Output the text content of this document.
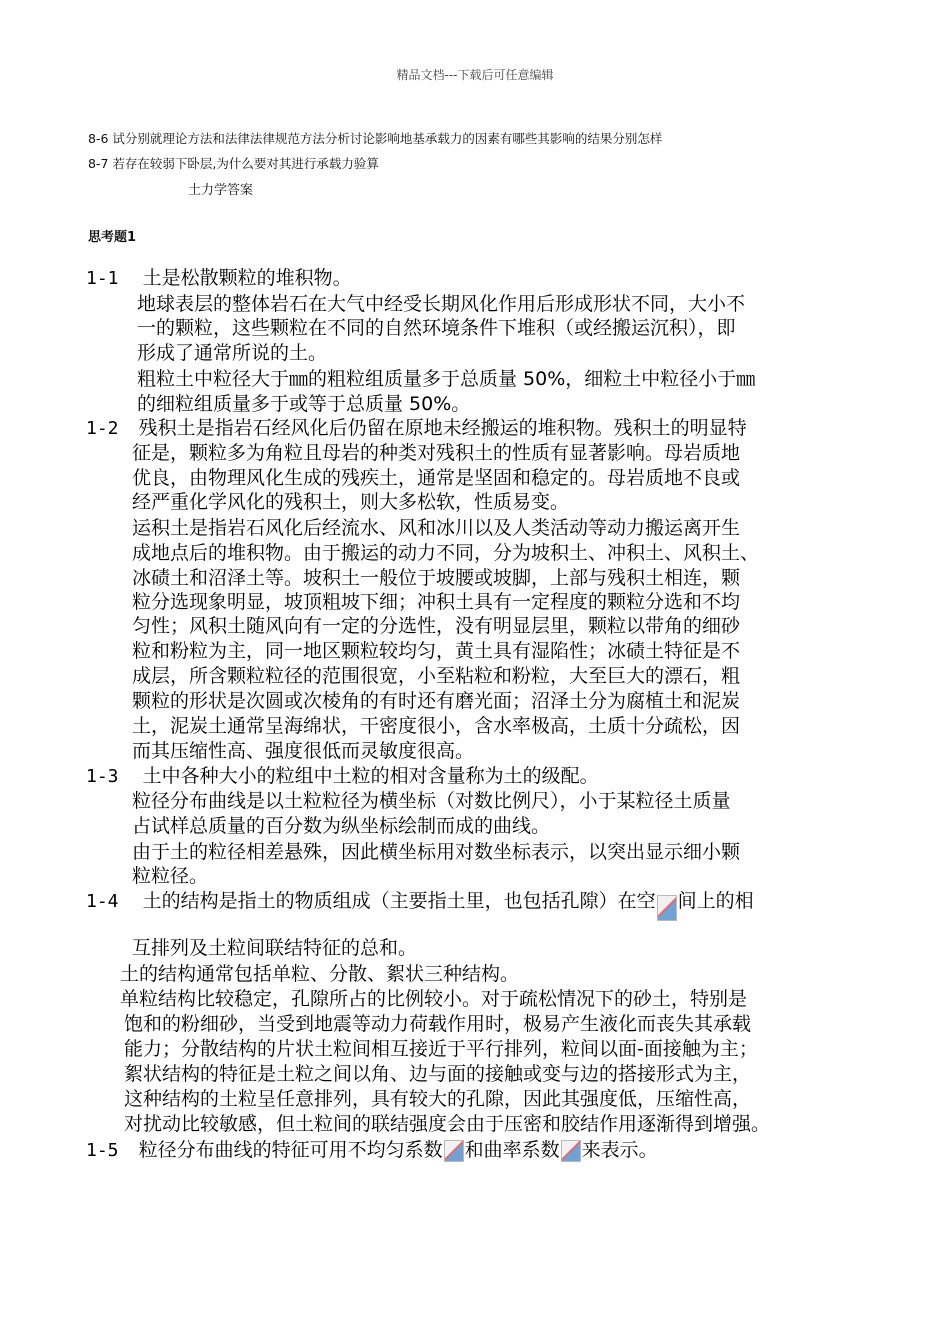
精品文档---下载后可任意编辑
8-6 试分别就理论方法和法律法律规范方法分析讨论影响地基承载力的因素有哪些其影响的结果分别怎样
8-7 若存在较弱下卧层,为什么要对其进行承载力验算
土力学答案
思考题1
1-1 土是松散颗粒的堆积物。
地球表层的整体岩石在大气中经受长期风化作用后形成形状不同，大小不
一的颗粒，这些颗粒在不同的自然环境条件下堆积（或经搬运沉积），即
形成了通常所说的土。
粗粒土中粒径大于㎜的粗粒组质量多于总质量 50%，细粒土中粒径小于㎜
的细粒组质量多于或等于总质量 50%。
1-2 残积土是指岩石经风化后仍留在原地未经搬运的堆积物。残积土的明显特
征是，颗粒多为角粒且母岩的种类对残积土的性质有显著影响。母岩质地
优良，由物理风化生成的残疾土，通常是坚固和稳定的。母岩质地不良或
经严重化学风化的残积土，则大多松软，性质易变。
运积土是指岩石风化后经流水、风和冰川以及人类活动等动力搬运离开生
成地点后的堆积物。由于搬运的动力不同，分为坡积土、冲积土、风积土、
冰碛土和沼泽土等。坡积土一般位于坡腰或坡脚，上部与残积土相连，颗
粒分选现象明显，坡顶粗坡下细；冲积土具有一定程度的颗粒分选和不均
匀性；风积土随风向有一定的分选性，没有明显层里，颗粒以带角的细砂
粒和粉粒为主，同一地区颗粒较均匀，黄土具有湿陷性；冰碛土特征是不
成层，所含颗粒粒径的范围很宽，小至粘粒和粉粒，大至巨大的漂石，粗
颗粒的形状是次圆或次棱角的有时还有磨光面；沼泽土分为腐植土和泥炭
土，泥炭土通常呈海绵状，干密度很小，含水率极高，土质十分疏松，因
而其压缩性高、强度很低而灵敏度很高。
1-3 土中各种大小的粒组中土粒的相对含量称为土的级配。
粒径分布曲线是以土粒粒径为横坐标（对数比例尺），小于某粒径土质量
占试样总质量的百分数为纵坐标绘制而成的曲线。
由于土的粒径相差悬殊，因此横坐标用对数坐标表示，以突出显示细小颗
粒粒径。
1-4 土的结构是指土的物质组成（主要指土里，也包括孔隙）在空 间上的相
互排列及土粒间联结特征的总和。
土的结构通常包括单粒、分散、絮状三种结构。
单粒结构比较稳定，孔隙所占的比例较小。对于疏松情况下的砂土，特别是
饱和的粉细砂，当受到地震等动力荷载作用时，极易产生液化而丧失其承载
能力；分散结构的片状土粒间相互接近于平行排列，粒间以面-面接触为主；
絮状结构的特征是土粒之间以角、边与面的接触或变与边的搭接形式为主，
这种结构的土粒呈任意排列，具有较大的孔隙，因此其强度低，压缩性高，
对扰动比较敏感，但土粒间的联结强度会由于压密和胶结作用逐渐得到增强。
1-5 粒径分布曲线的特征可用不均匀系数 和曲率系数 来表示。
